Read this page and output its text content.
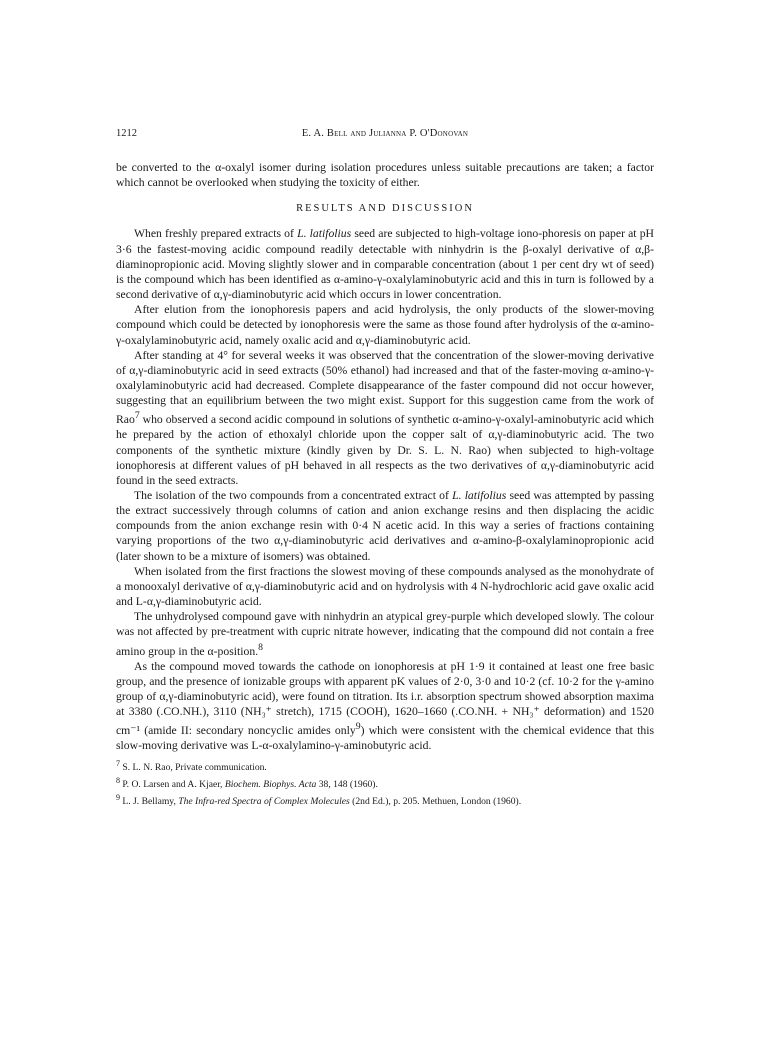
1212	E. A. Bell and Julianna P. O'Donovan

be converted to the α-oxalyl isomer during isolation procedures unless suitable precautions are taken; a factor which cannot be overlooked when studying the toxicity of either.

RESULTS AND DISCUSSION

When freshly prepared extracts of L. latifolius seed are subjected to high-voltage iono-phoresis on paper at pH 3·6 the fastest-moving acidic compound readily detectable with ninhydrin is the β-oxalyl derivative of α,β-diaminopropionic acid. Moving slightly slower and in comparable concentration (about 1 per cent dry wt of seed) is the compound which has been identified as α-amino-γ-oxalylaminobutyric acid and this in turn is followed by a second derivative of α,γ-diaminobutyric acid which occurs in lower concentration.

After elution from the ionophoresis papers and acid hydrolysis, the only products of the slower-moving compound which could be detected by ionophoresis were the same as those found after hydrolysis of the α-amino-γ-oxalylaminobutyric acid, namely oxalic acid and α,γ-diaminobutyric acid.

After standing at 4° for several weeks it was observed that the concentration of the slower-moving derivative of α,γ-diaminobutyric acid in seed extracts (50% ethanol) had increased and that of the faster-moving α-amino-γ-oxalylaminobutyric acid had decreased. Complete disappearance of the faster compound did not occur however, suggesting that an equilibrium between the two might exist. Support for this suggestion came from the work of Rao$^7$ who observed a second acidic compound in solutions of synthetic α-amino-γ-oxalyl-aminobutyric acid which he prepared by the action of ethoxalyl chloride upon the copper salt of α,γ-diaminobutyric acid. The two components of the synthetic mixture (kindly given by Dr. S. L. N. Rao) when subjected to high-voltage ionophoresis at different values of pH behaved in all respects as the two derivatives of α,γ-diaminobutyric acid found in the seed extracts.

The isolation of the two compounds from a concentrated extract of L. latifolius seed was attempted by passing the extract successively through columns of cation and anion exchange resins and then displacing the acidic compounds from the anion exchange resin with 0·4 N acetic acid. In this way a series of fractions containing varying proportions of the two α,γ-diaminobutyric acid derivatives and α-amino-β-oxalylaminopropionic acid (later shown to be a mixture of isomers) was obtained.

When isolated from the first fractions the slowest moving of these compounds analysed as the monohydrate of a monooxalyl derivative of α,γ-diaminobutyric acid and on hydrolysis with 4 N-hydrochloric acid gave oxalic acid and L-α,γ-diaminobutyric acid.

The unhydrolysed compound gave with ninhydrin an atypical grey-purple which developed slowly. The colour was not affected by pre-treatment with cupric nitrate however, indicating that the compound did not contain a free amino group in the α-position.$^8$

As the compound moved towards the cathode on ionophoresis at pH 1·9 it contained at least one free basic group, and the presence of ionizable groups with apparent pK values of 2·0, 3·0 and 10·2 (cf. 10·2 for the γ-amino group of α,γ-diaminobutyric acid), were found on titration. Its i.r. absorption spectrum showed absorption maxima at 3380 (.CO.NH.), 3110 (NH₃⁺ stretch), 1715 (COOH), 1620–1660 (.CO.NH. + NH₃⁺ deformation) and 1520 cm⁻¹ (amide II: secondary noncyclic amides only$^9$) which were consistent with the chemical evidence that this slow-moving derivative was L-α-oxalylamino-γ-aminobutyric acid.

$^7$ S. L. N. Rao, Private communication.
$^8$ P. O. Larsen and A. Kjaer, Biochem. Biophys. Acta 38, 148 (1960).
$^9$ L. J. Bellamy, The Infra-red Spectra of Complex Molecules (2nd Ed.), p. 205. Methuen, London (1960).
